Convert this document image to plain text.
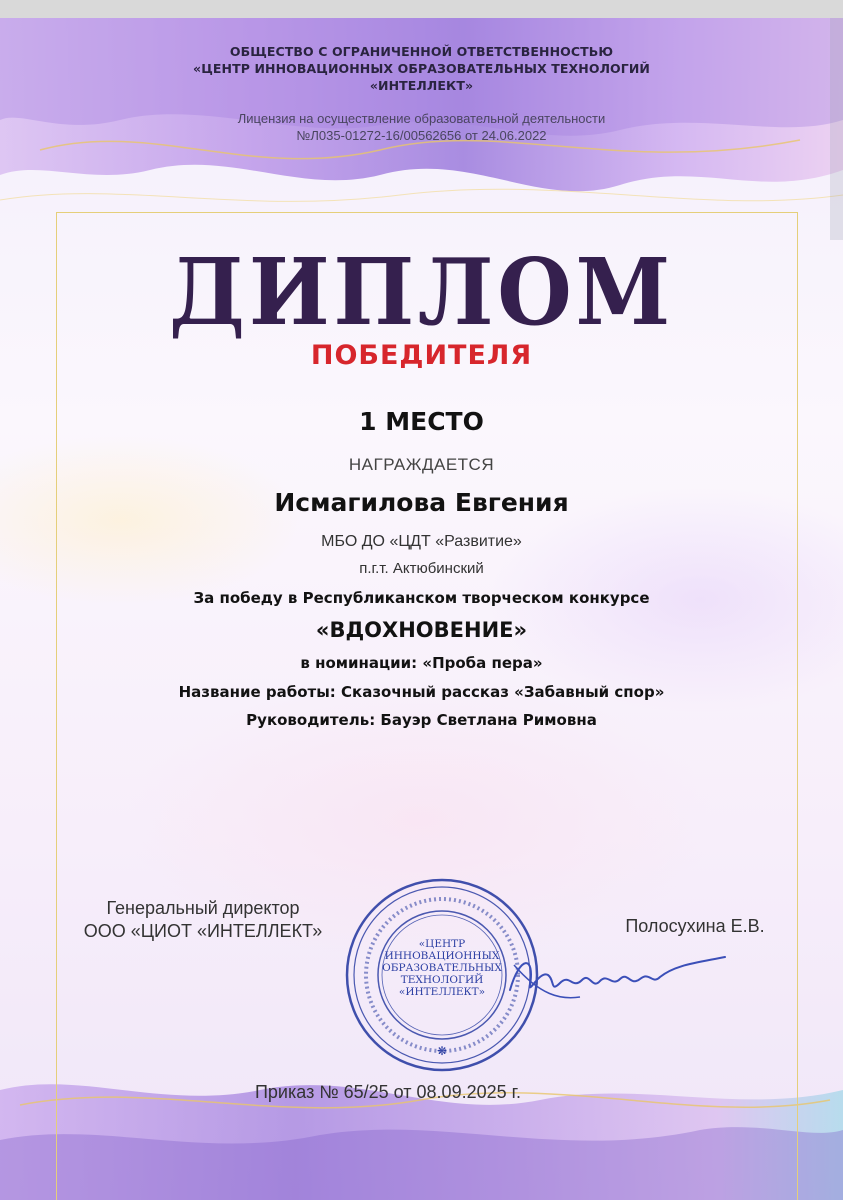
ОБЩЕСТВО С ОГРАНИЧЕННОЙ ОТВЕТСТВЕННОСТЬЮ
«ЦЕНТР ИННОВАЦИОННЫХ ОБРАЗОВАТЕЛЬНЫХ ТЕХНОЛОГИЙ
«ИНТЕЛЛЕКТ»
Лицензия на осуществление образовательной деятельности
№Л035-01272-16/00562656 от 24.06.2022
ДИПЛОМ
ПОБЕДИТЕЛЯ
1 МЕСТО
НАГРАЖДАЕТСЯ
Исмагилова Евгения
МБО ДО «ЦДТ «Развитие»
п.г.т. Актюбинский
За победу в Республиканском творческом конкурсе
«ВДОХНОВЕНИЕ»
в номинации: «Проба пера»
Название работы: Сказочный рассказ «Забавный спор»
Руководитель: Бауэр Светлана Римовна
Генеральный директор
ООО «ЦИОТ «ИНТЕЛЛЕКТ»	Полосухина Е.В.
❋
«ЦЕНТР
ИННОВАЦИОННЫХ
ОБРАЗОВАТЕЛЬНЫХ
ТЕХНОЛОГИЙ
«ИНТЕЛЛЕКТ»
Приказ № 65/25 от 08.09.2025 г.
